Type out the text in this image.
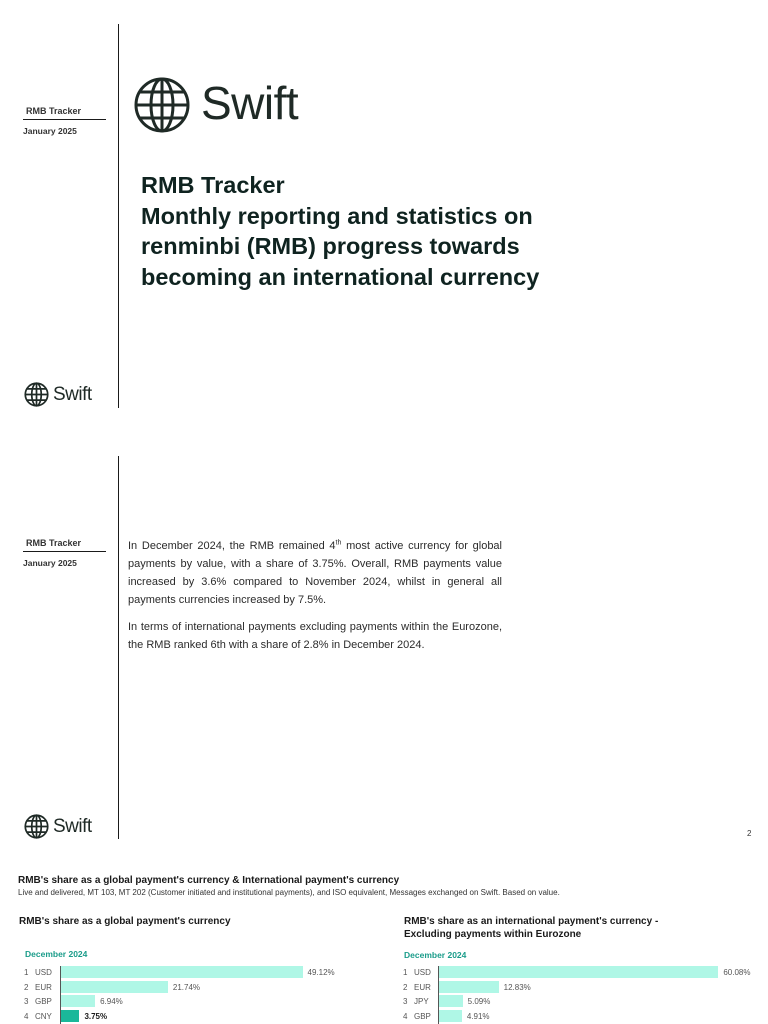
RMB Tracker
January 2025
Swift
RMB Tracker
Monthly reporting and statistics on
renminbi (RMB) progress towards
becoming an international currency
Swift
RMB Tracker
January 2025

In December 2024, the RMB remained 4th most active currency for global payments by value, with a share of 3.75%. Overall, RMB payments value increased by 3.6% compared to November 2024, whilst in general all payments currencies increased by 7.5%.

In terms of international payments excluding payments within the Eurozone, the RMB ranked 6th with a share of 2.8% in December 2024.

Swift	2
RMB's share as a global payment's currency & International payment's currency
Live and delivered, MT 103, MT 202 (Customer initiated and institutional payments), and ISO equivalent, Messages exchanged on Swift. Based on value.
RMB's share as a global payment's currency
December 2024
1 USD	49.12%
2 EUR	21.74%
3 GBP	6.94%
4 CNY	3.75%
RMB's share as an international payment's currency -
Excluding payments within Eurozone
December 2024
1 USD	60.08%
2 EUR	12.83%
3 JPY	5.09%
4 GBP	4.91%
